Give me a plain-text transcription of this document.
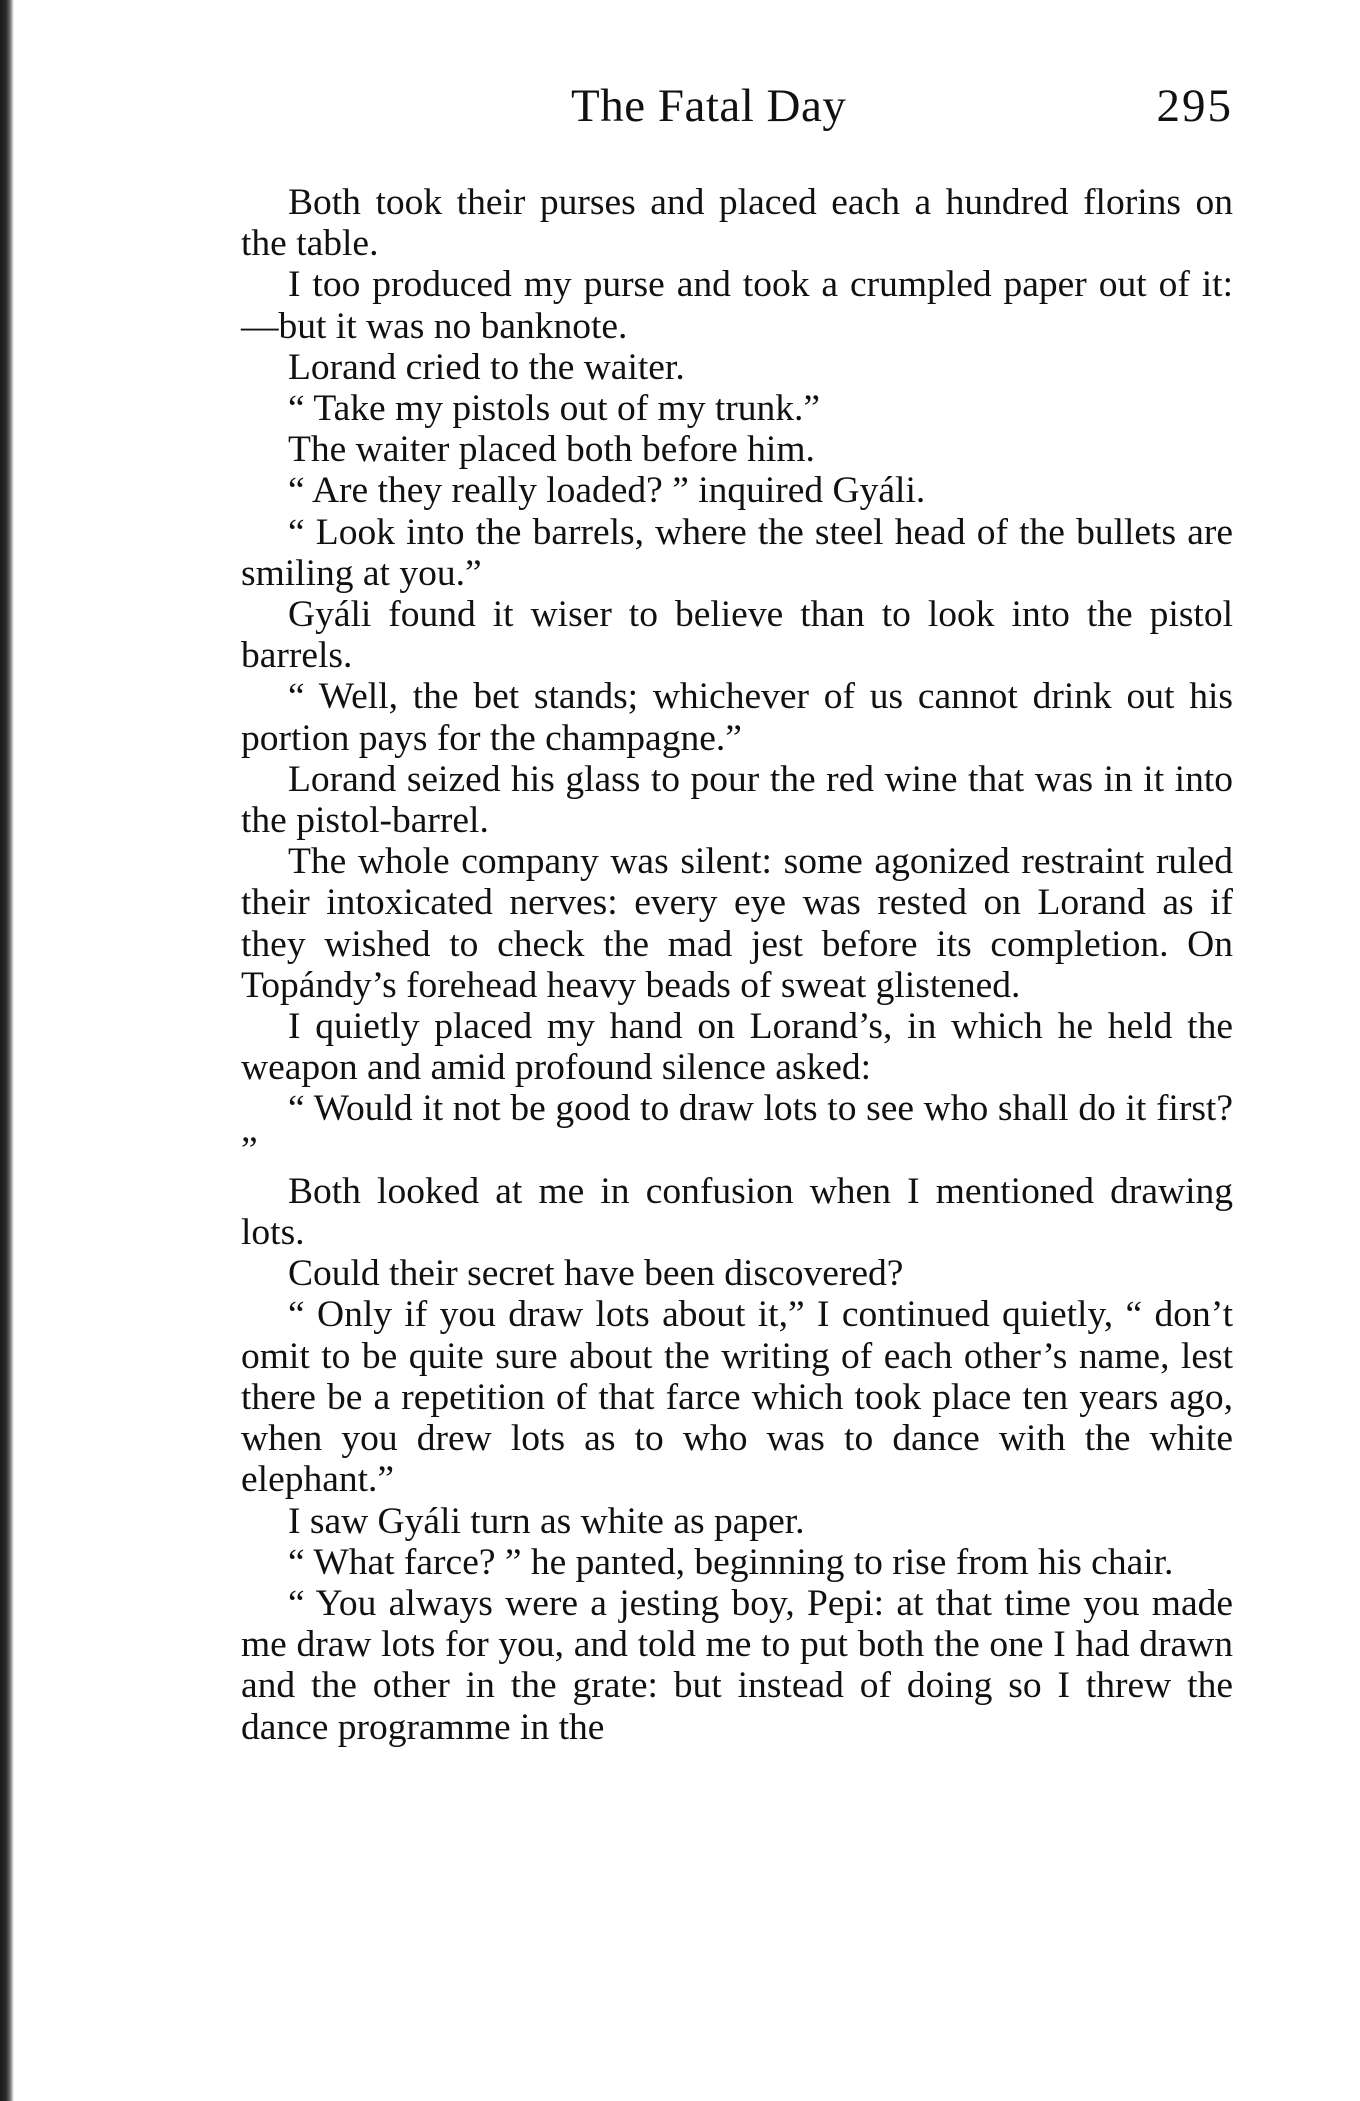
The Fatal Day	295

Both took their purses and placed each a hundred florins on the table.

I too produced my purse and took a crumpled paper out of it:—but it was no banknote.

Lorand cried to the waiter.

“ Take my pistols out of my trunk.”

The waiter placed both before him.

“ Are they really loaded? ” inquired Gyáli.

“ Look into the barrels, where the steel head of the bullets are smiling at you.”

Gyáli found it wiser to believe than to look into the pistol barrels.

“ Well, the bet stands; whichever of us cannot drink out his portion pays for the champagne.”

Lorand seized his glass to pour the red wine that was in it into the pistol-barrel.

The whole company was silent: some agonized restraint ruled their intoxicated nerves: every eye was rested on Lorand as if they wished to check the mad jest before its completion. On Topándy’s forehead heavy beads of sweat glistened.

I quietly placed my hand on Lorand’s, in which he held the weapon and amid profound silence asked:

“ Would it not be good to draw lots to see who shall do it first? ”

Both looked at me in confusion when I mentioned drawing lots.

Could their secret have been discovered?

“ Only if you draw lots about it,” I continued quietly, “ don’t omit to be quite sure about the writing of each other’s name, lest there be a repetition of that farce which took place ten years ago, when you drew lots as to who was to dance with the white elephant.”

I saw Gyáli turn as white as paper.

“ What farce? ” he panted, beginning to rise from his chair.

“ You always were a jesting boy, Pepi: at that time you made me draw lots for you, and told me to put both the one I had drawn and the other in the grate: but instead of doing so I threw the dance programme in the
